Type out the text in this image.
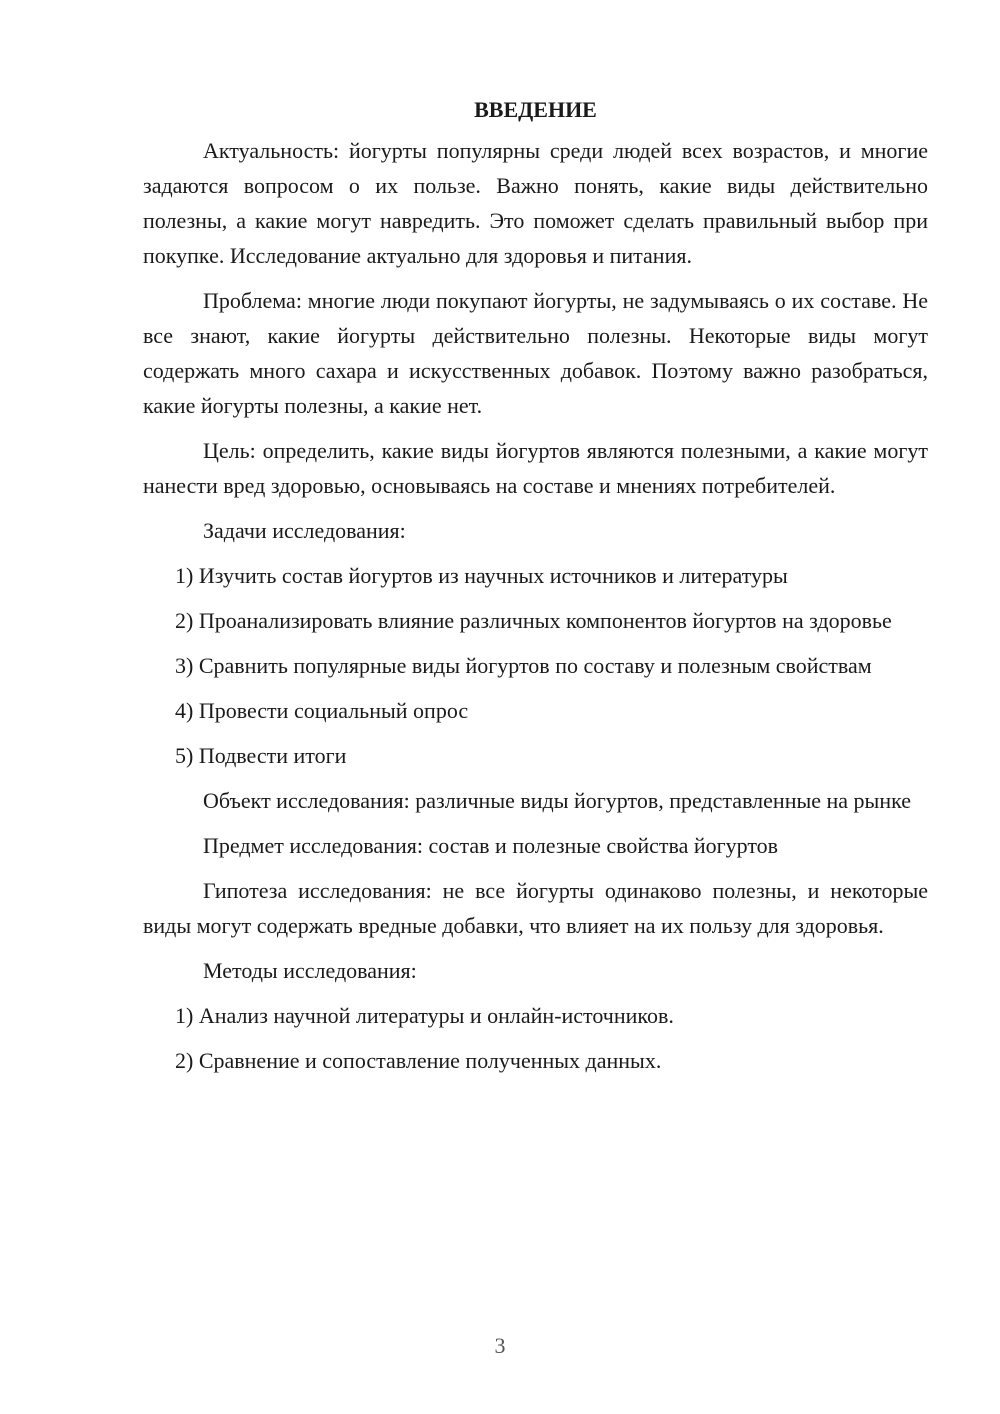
ВВЕДЕНИЕ
Актуальность: йогурты популярны среди людей всех возрастов, и многие задаются вопросом о их пользе. Важно понять, какие виды действительно полезны, а какие могут навредить. Это поможет сделать правильный выбор при покупке. Исследование актуально для здоровья и питания.
Проблема: многие люди покупают йогурты, не задумываясь о их составе. Не все знают, какие йогурты действительно полезны. Некоторые виды могут содержать много сахара и искусственных добавок. Поэтому важно разобраться, какие йогурты полезны, а какие нет.
Цель: определить, какие виды йогуртов являются полезными, а какие могут нанести вред здоровью, основываясь на составе и мнениях потребителей.
Задачи исследования:
1) Изучить состав йогуртов из научных источников и литературы
2) Проанализировать влияние различных компонентов йогуртов на здоровье
3) Сравнить популярные виды йогуртов по составу и полезным свойствам
4) Провести социальный опрос
5) Подвести итоги
Объект исследования: различные виды йогуртов, представленные на рынке
Предмет исследования: состав и полезные свойства йогуртов
Гипотеза исследования: не все йогурты одинаково полезны, и некоторые виды могут содержать вредные добавки, что влияет на их пользу для здоровья.
Методы исследования:
1) Анализ научной литературы и онлайн-источников.
2) Сравнение и сопоставление полученных данных.
3
